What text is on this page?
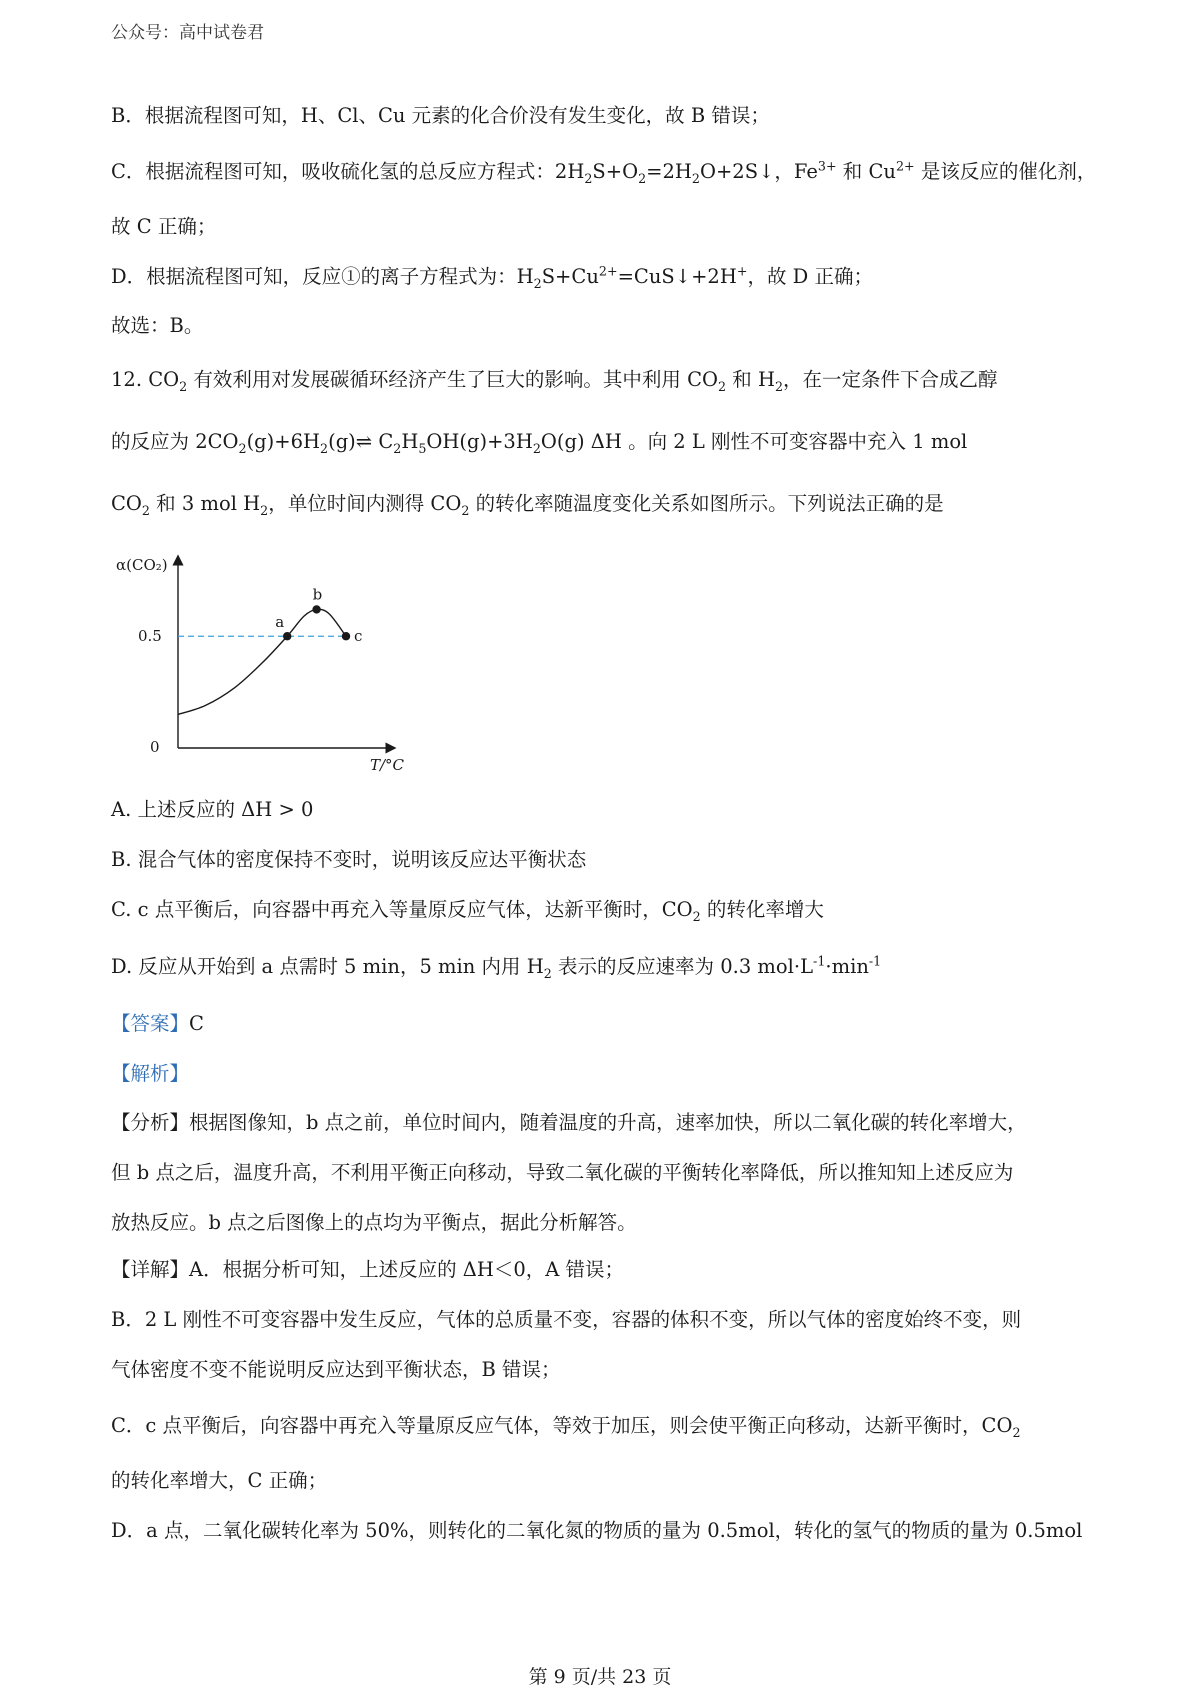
公众号：高中试卷君
B．根据流程图可知，H、Cl、Cu 元素的化合价没有发生变化，故 B 错误；
C．根据流程图可知，吸收硫化氢的总反应方程式：$2H_2S+O_2=2H_2O+2S↓$，$Fe^{3+}$ 和 $Cu^{2+}$ 是该反应的催化剂，
故 C 正确；
D．根据流程图可知，反应①的离子方程式为：$H_2S+Cu^{2+}=CuS↓+2H^+$，故 D 正确；
故选：B。
12. $CO_2$ 有效利用对发展碳循环经济产生了巨大的影响。其中利用 $CO_2$ 和 $H_2$，在一定条件下合成乙醇
的反应为 $2CO_2(g)+6H_2(g)\rightleftharpoons$ $C_2H_5OH(g)+3H_2O(g)$ ΔH 。向 2 L 刚性不可变容器中充入 1 mol
$CO_2$ 和 3 mol $H_2$，单位时间内测得 $CO_2$ 的转化率随温度变化关系如图所示。下列说法正确的是
a
b
c
α(CO₂)
T/°C
0
0.5
A. 上述反应的 ΔH > 0
B. 混合气体的密度保持不变时，说明该反应达平衡状态
C. c 点平衡后，向容器中再充入等量原反应气体，达新平衡时，$CO_2$ 的转化率增大
D. 反应从开始到 a 点需时 5 min，5 min 内用 $H_2$ 表示的反应速率为 0.3 $mol\cdot L^{-1}\cdot\min^{-1}$
【答案】C
【解析】
【分析】根据图像知，b 点之前，单位时间内，随着温度的升高，速率加快，所以二氧化碳的转化率增大，
但 b 点之后，温度升高，不利用平衡正向移动，导致二氧化碳的平衡转化率降低，所以推知知上述反应为
放热反应。b 点之后图像上的点均为平衡点，据此分析解答。
【详解】A．根据分析可知，上述反应的 ΔH＜0，A 错误；
B．2 L 刚性不可变容器中发生反应，气体的总质量不变，容器的体积不变，所以气体的密度始终不变，则
气体密度不变不能说明反应达到平衡状态，B 错误；
C．c 点平衡后，向容器中再充入等量原反应气体，等效于加压，则会使平衡正向移动，达新平衡时，$CO_2$
的转化率增大，C 正确；
D．a 点，二氧化碳转化率为 50%，则转化的二氧化氮的物质的量为 0.5mol，转化的氢气的物质的量为 0.5mol
第 9 页/共 23 页
